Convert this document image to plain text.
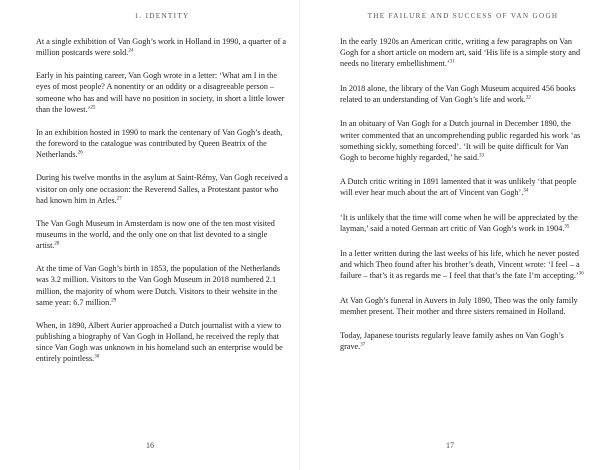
1. IDENTITY

At a single exhibition of Van Gogh’s work in Holland in 1990, a quarter of a million postcards were sold.$^{24}$

Early in his painting career, Van Gogh wrote in a letter: ‘What am I in the eyes of most people? A nonentity or an oddity or a disagreeable person – someone who has and will have no position in society, in short a little lower than the lowest.’$^{25}$

In an exhibition hosted in 1990 to mark the centenary of Van Gogh’s death, the foreword to the catalogue was contributed by Queen Beatrix of the Netherlands.$^{26}$

During his twelve months in the asylum at Saint-Rémy, Van Gogh received a visitor on only one occasion: the Reverend Salles, a Protestant pastor who had known him in Arles.$^{27}$

The Van Gogh Museum in Amsterdam is now one of the ten most visited museums in the world, and the only one on that list devoted to a single artist.$^{28}$

At the time of Van Gogh’s birth in 1853, the population of the Netherlands was 3.2 million. Visitors to the Van Gogh Museum in 2018 numbered 2.1 million, the majority of whom were Dutch. Visitors to their website in the same year: 6.7 million.$^{29}$

When, in 1890, Albert Aurier approached a Dutch journalist with a view to publishing a biography of Van Gogh in Holland, he received the reply that since Van Gogh was unknown in his homeland such an enterprise would be entirely pointless.$^{30}$

16
THE FAILURE AND SUCCESS OF VAN GOGH

In the early 1920s an American critic, writing a few paragraphs on Van Gogh for a short article on modern art, said ‘His life is a simple story and needs no literary embellishment.’$^{31}$

In 2018 alone, the library of the Van Gogh Museum acquired 456 books related to an understanding of Van Gogh’s life and work.$^{32}$

In an obituary of Van Gogh for a Dutch journal in December 1890, the writer commented that an uncomprehending public regarded his work ‘as something sickly, something forced’. ‘It will be quite difficult for Van Gogh to become highly regarded,’ he said.$^{33}$

A Dutch critic writing in 1891 lamented that it was unlikely ‘that people will ever hear much about the art of Vincent van Gogh’.$^{34}$

‘It is unlikely that the time will come when he will be appreciated by the layman,’ said a noted German art critic of Van Gogh’s work in 1904.35

In a letter written during the last weeks of his life, which he never posted and which Theo found after his brother’s death, Vincent wrote: ‘I feel – a failure – that’s it as regards me – I feel that that’s the fate I’m accepting.’$^{36}$

At Van Gogh’s funeral in Auvers in July 1890, Theo was the only family member present. Their mother and three sisters remained in Holland.

Today, Japanese tourists regularly leave family ashes on Van Gogh’s grave.$^{37}$

17
